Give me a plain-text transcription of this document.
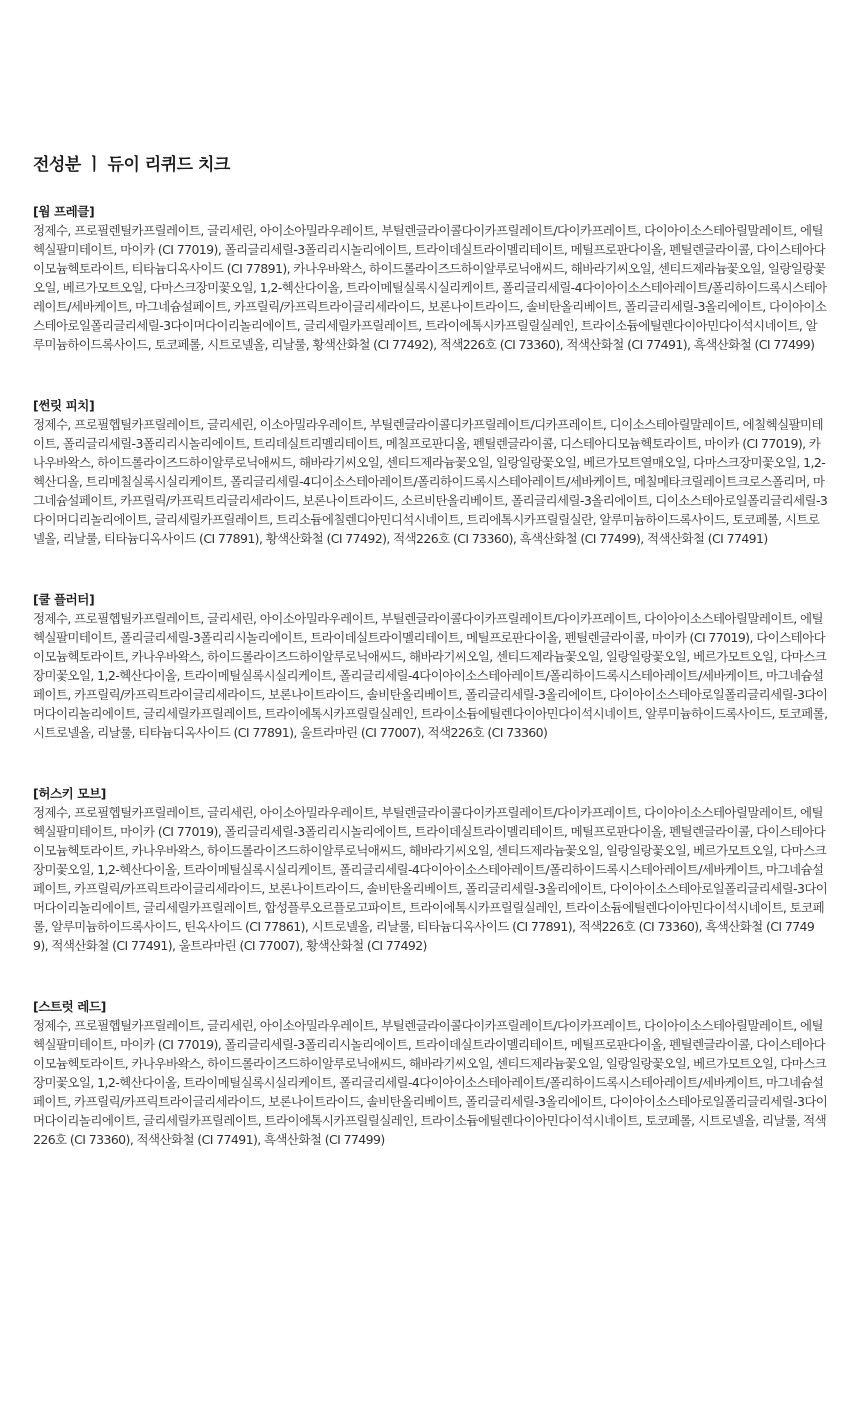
전성분 ㅣ 듀이 리퀴드 치크
[웜 프레클]
정제수, 프로필렌틸카프릴레이트, 글리세린, 아이소아밀라우레이트, 부틸렌글라이콜다이카프릴레이트/다이카프레이트, 다이아이소스테아릴말레이트, 에틸헥실팔미테이트, 마이카 (CI 77019), 폴리글리세릴-3폴리리시놀리에이트, 트라이데실트라이멜리테이트, 메틸프로판다이올, 펜틸렌글라이콜, 다이스테아다이모늄헥토라이트, 티타늄디옥사이드 (CI 77891), 카나우바왁스, 하이드롤라이즈드하이알루로닉애씨드, 해바라기씨오일, 센티드제라늄꽃오일, 일랑일랑꽃오일, 베르가모트오일, 다마스크장미꽃오일, 1,2-헥산다이올, 트라이메틸실록시실리케이트, 폴리글리세릴-4다이아이소스테아레이트/폴리하이드록시스테아레이트/세바케이트, 마그네슘설페이트, 카프릴릭/카프릭트라이글리세라이드, 보론나이트라이드, 솔비탄올리베이트, 폴리글리세릴-3올리에이트, 다이아이소스테아로일폴리글리세릴-3다이머다이리놀리에이트, 글리세릴카프릴레이트, 트라이에톡시카프릴릴실레인, 트라이소듐에틸렌다이아민다이석시네이트, 알루미늄하이드록사이드, 토코페롤, 시트로넬올, 리날룰, 황색산화철 (CI 77492), 적색226호 (CI 73360), 적색산화철 (CI 77491), 흑색산화철 (CI 77499)
[썬릿 피치]
정제수, 프로필헵틸카프릴레이트, 글리세린, 이소아밀라우레이트, 부틸렌글라이콜디카프릴레이트/디카프레이트, 디이소스테아릴말레이트, 에칠헥실팔미테이트, 폴리글리세릴-3폴리리시놀리에이트, 트리데실트리멜리테이트, 메칠프로판디올, 펜틸렌글라이콜, 디스테아디모늄헥토라이트, 마이카 (CI 77019), 카나우바왁스, 하이드롤라이즈드하이알루로닉애씨드, 해바라기씨오일, 센티드제라늄꽃오일, 일랑일랑꽃오일, 베르가모트열매오일, 다마스크장미꽃오일, 1,2-헥산디올, 트리메칠실록시실리케이트, 폴리글리세릴-4디이소스테아레이트/폴리하이드록시스테아레이트/세바케이트, 메칠메타크릴레이트크로스폴리머, 마그네슘설페이트, 카프릴릭/카프릭트리글리세라이드, 보론나이트라이드, 소르비탄올리베이트, 폴리글리세릴-3올리에이트, 디이소스테아로일폴리글리세릴-3다이머디리놀리에이트, 글리세릴카프릴레이트, 트리소듐에칠렌디아민디석시네이트, 트리에톡시카프릴릴실란, 알루미늄하이드록사이드, 토코페롤, 시트로넬올, 리날룰, 티타늄디옥사이드 (CI 77891), 황색산화철 (CI 77492), 적색226호 (CI 73360), 흑색산화철 (CI 77499), 적색산화철 (CI 77491)
[쿨 플러터]
정제수, 프로필헵틸카프릴레이트, 글리세린, 아이소아밀라우레이트, 부틸렌글라이콜다이카프릴레이트/다이카프레이트, 다이아이소스테아릴말레이트, 에틸헥실팔미테이트, 폴리글리세릴-3폴리리시놀리에이트, 트라이데실트라이멜리테이트, 메틸프로판다이올, 펜틸렌글라이콜, 마이카 (CI 77019), 다이스테아다이모늄헥토라이트, 카나우바왁스, 하이드롤라이즈드하이알루로닉애씨드, 해바라기씨오일, 센티드제라늄꽃오일, 일랑일랑꽃오일, 베르가모트오일, 다마스크장미꽃오일, 1,2-헥산다이올, 트라이메틸실록시실리케이트, 폴리글리세릴-4다이아이소스테아레이트/폴리하이드록시스테아레이트/세바케이트, 마그네슘설페이트, 카프릴릭/카프릭트라이글리세라이드, 보론나이트라이드, 솔비탄올리베이트, 폴리글리세릴-3올리에이트, 다이아이소스테아로일폴리글리세릴-3다이머다이리놀리에이트, 글리세릴카프릴레이트, 트라이에톡시카프릴릴실레인, 트라이소듐에틸렌다이아민다이석시네이트, 알루미늄하이드록사이드, 토코페롤, 시트로넬올, 리날룰, 티타늄디옥사이드 (CI 77891), 울트라마린 (CI 77007), 적색226호 (CI 73360)
[허스키 모브]
정제수, 프로필헵틸카프릴레이트, 글리세린, 아이소아밀라우레이트, 부틸렌글라이콜다이카프릴레이트/다이카프레이트, 다이아이소스테아릴말레이트, 에틸헥실팔미테이트, 마이카 (CI 77019), 폴리글리세릴-3폴리리시놀리에이트, 트라이데실트라이멜리테이트, 메틸프로판다이올, 펜틸렌글라이콜, 다이스테아다이모늄헥토라이트, 카나우바왁스, 하이드롤라이즈드하이알루로닉애씨드, 해바라기씨오일, 센티드제라늄꽃오일, 일랑일랑꽃오일, 베르가모트오일, 다마스크장미꽃오일, 1,2-헥산다이올, 트라이메틸실록시실리케이트, 폴리글리세릴-4다이아이소스테아레이트/폴리하이드록시스테아레이트/세바케이트, 마그네슘설페이트, 카프릴릭/카프릭트라이글리세라이드, 보론나이트라이드, 솔비탄올리베이트, 폴리글리세릴-3올리에이트, 다이아이소스테아로일폴리글리세릴-3다이머다이리놀리에이트, 글리세릴카프릴레이트, 합성플루오르플로고파이트, 트라이에톡시카프릴릴실레인, 트라이소듐에틸렌다이아민다이석시네이트, 토코페롤, 알루미늄하이드록사이드, 틴옥사이드 (CI 77861), 시트로넬올, 리날룰, 티타늄디옥사이드 (CI 77891), 적색226호 (CI 73360), 흑색산화철 (CI 77499), 적색산화철 (CI 77491), 울트라마린 (CI 77007), 황색산화철 (CI 77492)
[스트럿 레드]
정제수, 프로필헵틸카프릴레이트, 글리세린, 아이소아밀라우레이트, 부틸렌글라이콜다이카프릴레이트/다이카프레이트, 다이아이소스테아릴말레이트, 에틸헥실팔미테이트, 마이카 (CI 77019), 폴리글리세릴-3폴리리시놀리에이트, 트라이데실트라이멜리테이트, 메틸프로판다이올, 펜틸렌글라이콜, 다이스테아다이모늄헥토라이트, 카나우바왁스, 하이드롤라이즈드하이알루로닉애씨드, 해바라기씨오일, 센티드제라늄꽃오일, 일랑일랑꽃오일, 베르가모트오일, 다마스크장미꽃오일, 1,2-헥산다이올, 트라이메틸실록시실리케이트, 폴리글리세릴-4다이아이소스테아레이트/폴리하이드록시스테아레이트/세바케이트, 마그네슘설페이트, 카프릴릭/카프릭트라이글리세라이드, 보론나이트라이드, 솔비탄올리베이트, 폴리글리세릴-3올리에이트, 다이아이소스테아로일폴리글리세릴-3다이머다이리놀리에이트, 글리세릴카프릴레이트, 트라이에톡시카프릴릴실레인, 트라이소듐에틸렌다이아민다이석시네이트, 토코페롤, 시트로넬올, 리날룰, 적색226호 (CI 73360), 적색산화철 (CI 77491), 흑색산화철 (CI 77499)
